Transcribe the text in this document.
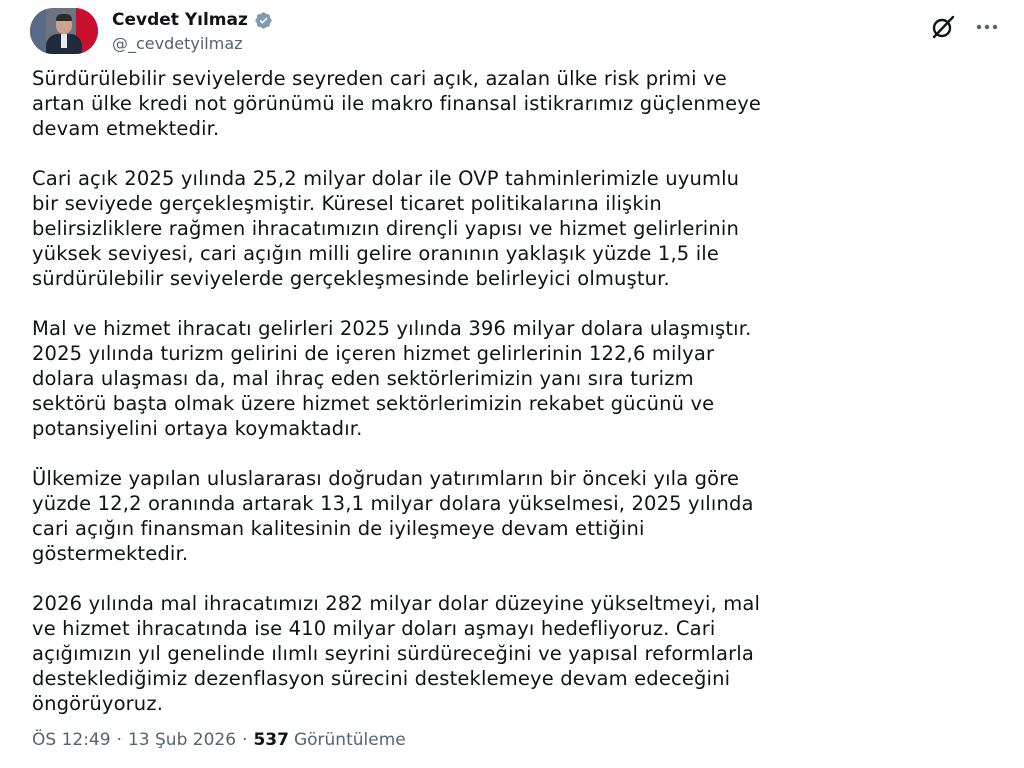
Cevdet Yılmaz
@_cevdetyilmaz

Sürdürülebilir seviyelerde seyreden cari açık, azalan ülke risk primi ve
artan ülke kredi not görünümü ile makro finansal istikrarımız güçlenmeye
devam etmektedir.

Cari açık 2025 yılında 25,2 milyar dolar ile OVP tahminlerimizle uyumlu
bir seviyede gerçekleşmiştir. Küresel ticaret politikalarına ilişkin
belirsizliklere rağmen ihracatımızın dirençli yapısı ve hizmet gelirlerinin
yüksek seviyesi, cari açığın milli gelire oranının yaklaşık yüzde 1,5 ile
sürdürülebilir seviyelerde gerçekleşmesinde belirleyici olmuştur.

Mal ve hizmet ihracatı gelirleri 2025 yılında 396 milyar dolara ulaşmıştır.
2025 yılında turizm gelirini de içeren hizmet gelirlerinin 122,6 milyar
dolara ulaşması da, mal ihraç eden sektörlerimizin yanı sıra turizm
sektörü başta olmak üzere hizmet sektörlerimizin rekabet gücünü ve
potansiyelini ortaya koymaktadır.

Ülkemize yapılan uluslararası doğrudan yatırımların bir önceki yıla göre
yüzde 12,2 oranında artarak 13,1 milyar dolara yükselmesi, 2025 yılında
cari açığın finansman kalitesinin de iyileşmeye devam ettiğini
göstermektedir.

2026 yılında mal ihracatımızı 282 milyar dolar düzeyine yükseltmeyi, mal
ve hizmet ihracatında ise 410 milyar doları aşmayı hedefliyoruz. Cari
açığımızın yıl genelinde ılımlı seyrini sürdüreceğini ve yapısal reformlarla
desteklediğimiz dezenflasyon sürecini desteklemeye devam edeceğini
öngörüyoruz.

ÖS 12:49 · 13 Şub 2026 · 537 Görüntüleme
